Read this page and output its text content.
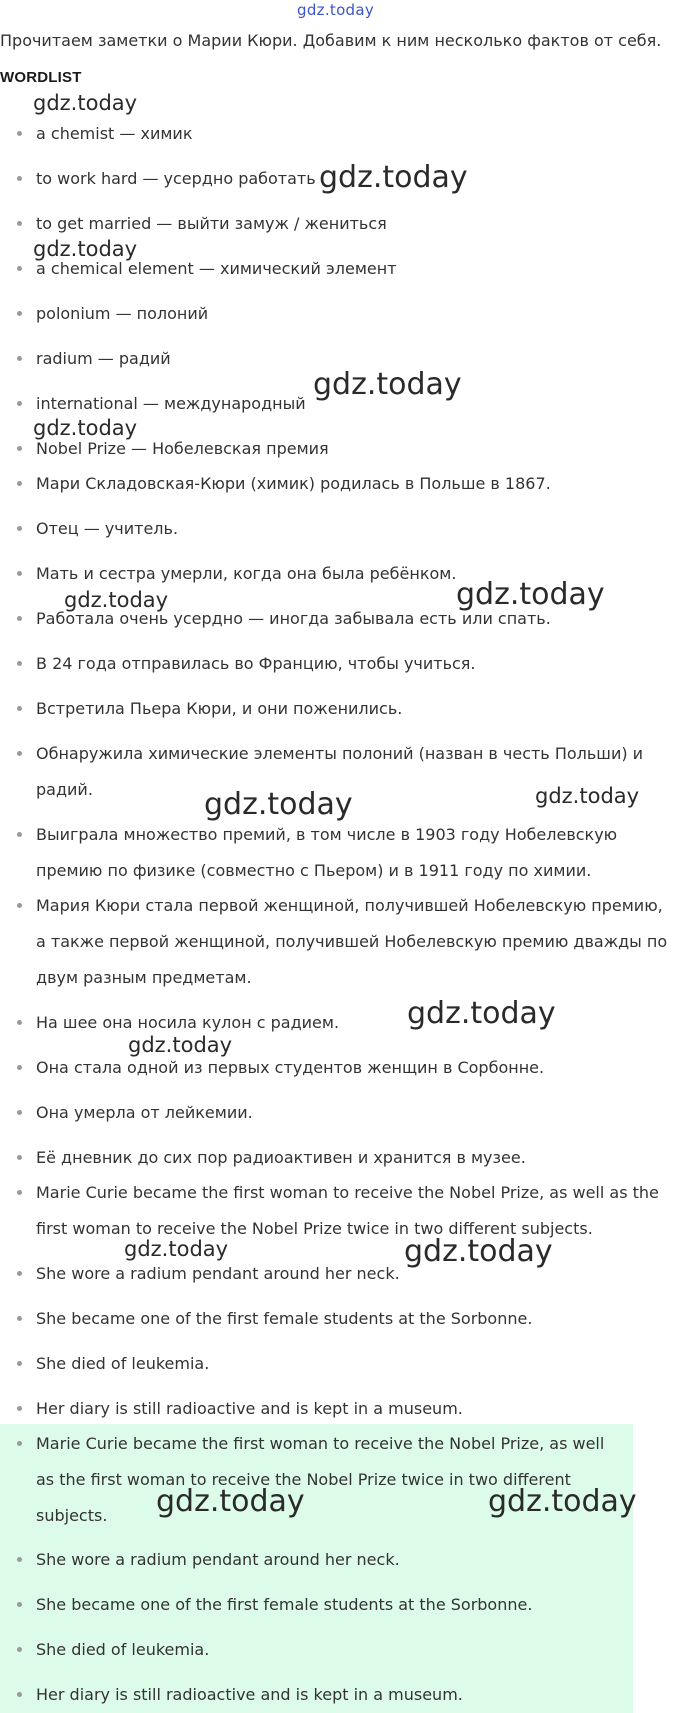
gdz.today
Прочитаем заметки о Марии Кюри. Добавим к ним несколько фактов от себя.
WORDLIST
a chemist — химик
to work hard — усердно работать
to get married — выйти замуж / жениться
a chemical element — химический элемент
polonium — полоний
radium — радий
international — международный
Nobel Prize — Нобелевская премия
Мари Складовская-Кюри (химик) родилась в Польше в 1867.
Отец — учитель.
Мать и сестра умерли, когда она была ребёнком.
Работала очень усердно — иногда забывала есть или спать.
В 24 года отправилась во Францию, чтобы учиться.
Встретила Пьера Кюри, и они поженились.
Обнаружила химические элементы полоний (назван в честь Польши) и радий.
Выиграла множество премий, в том числе в 1903 году Нобелевскую премию по физике (совместно с Пьером) и в 1911 году по химии.
Мария Кюри стала первой женщиной, получившей Нобелевскую премию, а также первой женщиной, получившей Нобелевскую премию дважды по двум разным предметам.
На шее она носила кулон с радием.
Она стала одной из первых студентов женщин в Сорбонне.
Она умерла от лейкемии.
Её дневник до сих пор радиоактивен и хранится в музее.
Marie Curie became the first woman to receive the Nobel Prize, as well as the first woman to receive the Nobel Prize twice in two different subjects.
She wore a radium pendant around her neck.
She became one of the first female students at the Sorbonne.
She died of leukemia.
Her diary is still radioactive and is kept in a museum.
Marie Curie became the first woman to receive the Nobel Prize, as well as the first woman to receive the Nobel Prize twice in two different subjects.
She wore a radium pendant around her neck.
She became one of the first female students at the Sorbonne.
She died of leukemia.
Her diary is still radioactive and is kept in a museum.
gdz.today
gdz.today
gdz.today
gdz.today
gdz.today
gdz.today	gdz.today
gdz.today	gdz.today
gdz.today
gdz.today
gdz.today	gdz.today
gdz.today	gdz.today
